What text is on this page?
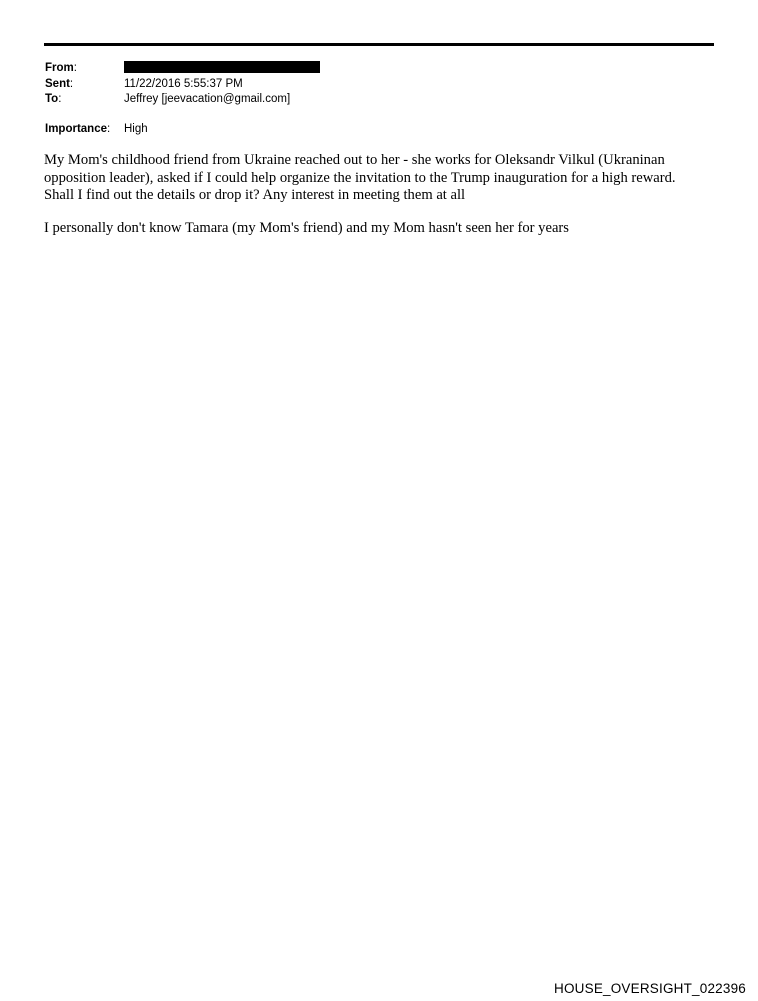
From:
Sent:	11/22/2016 5:55:37 PM
To:	Jeffrey [jeevacation@gmail.com]
Importance:	High

My Mom's childhood friend from Ukraine reached out to her - she works for Oleksandr Vilkul (Ukraninan
opposition leader), asked if I could help organize the invitation to the Trump inauguration for a high reward.
Shall I find out the details or drop it? Any interest in meeting them at all

I personally don't know Tamara (my Mom's friend) and my Mom hasn't seen her for years

HOUSE_OVERSIGHT_022396
